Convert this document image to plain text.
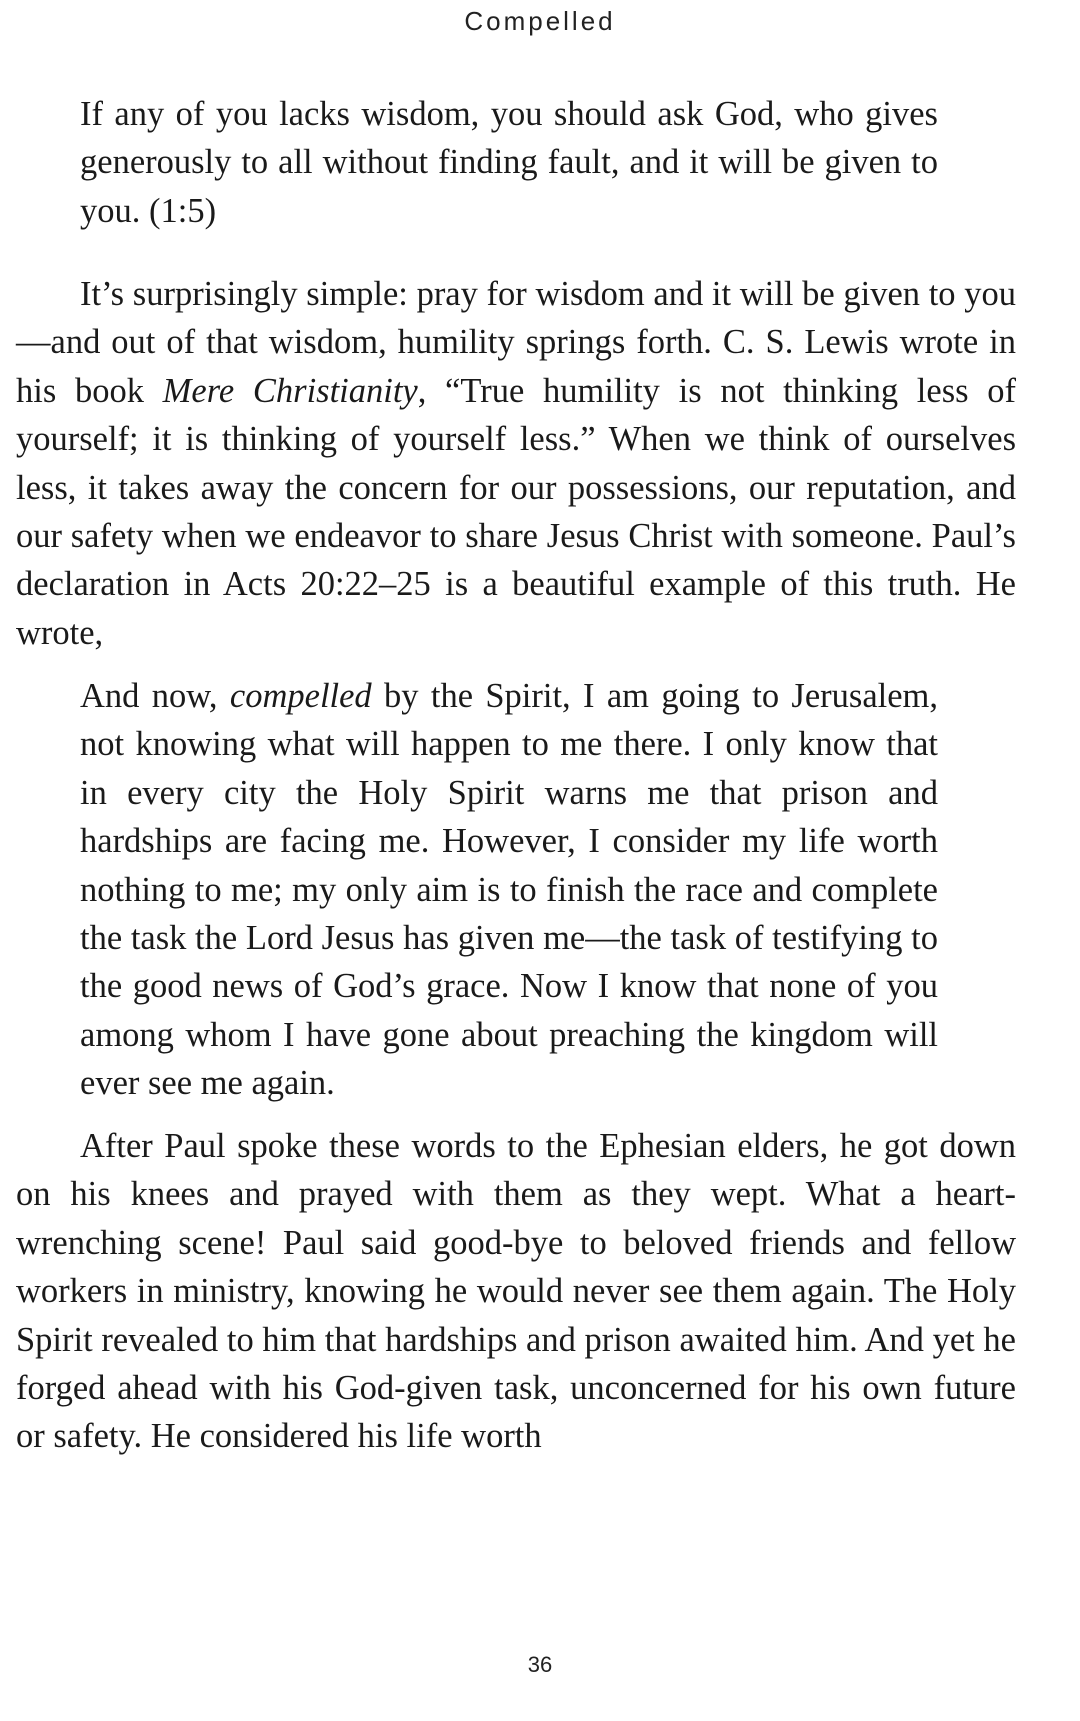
Compelled

If any of you lacks wisdom, you should ask God, who gives generously to all without finding fault, and it will be given to you. (1:5)

It’s surprisingly simple: pray for wisdom and it will be given to you—and out of that wisdom, humility springs forth. C. S. Lewis wrote in his book Mere Christianity, “True humility is not thinking less of yourself; it is thinking of yourself less.” When we think of ourselves less, it takes away the concern for our possessions, our reputation, and our safety when we endeavor to share Jesus Christ with someone. Paul’s declaration in Acts 20:22–25 is a beautiful example of this truth. He wrote,

And now, compelled by the Spirit, I am going to Jerusalem, not knowing what will happen to me there. I only know that in every city the Holy Spirit warns me that prison and hardships are facing me. However, I consider my life worth nothing to me; my only aim is to finish the race and complete the task the Lord Jesus has given me—the task of testifying to the good news of God’s grace. Now I know that none of you among whom I have gone about preaching the kingdom will ever see me again.

After Paul spoke these words to the Ephesian elders, he got down on his knees and prayed with them as they wept. What a heart-wrenching scene! Paul said good-bye to beloved friends and fellow workers in ministry, knowing he would never see them again. The Holy Spirit revealed to him that hardships and prison awaited him. And yet he forged ahead with his God-given task, unconcerned for his own future or safety. He considered his life worth

36
